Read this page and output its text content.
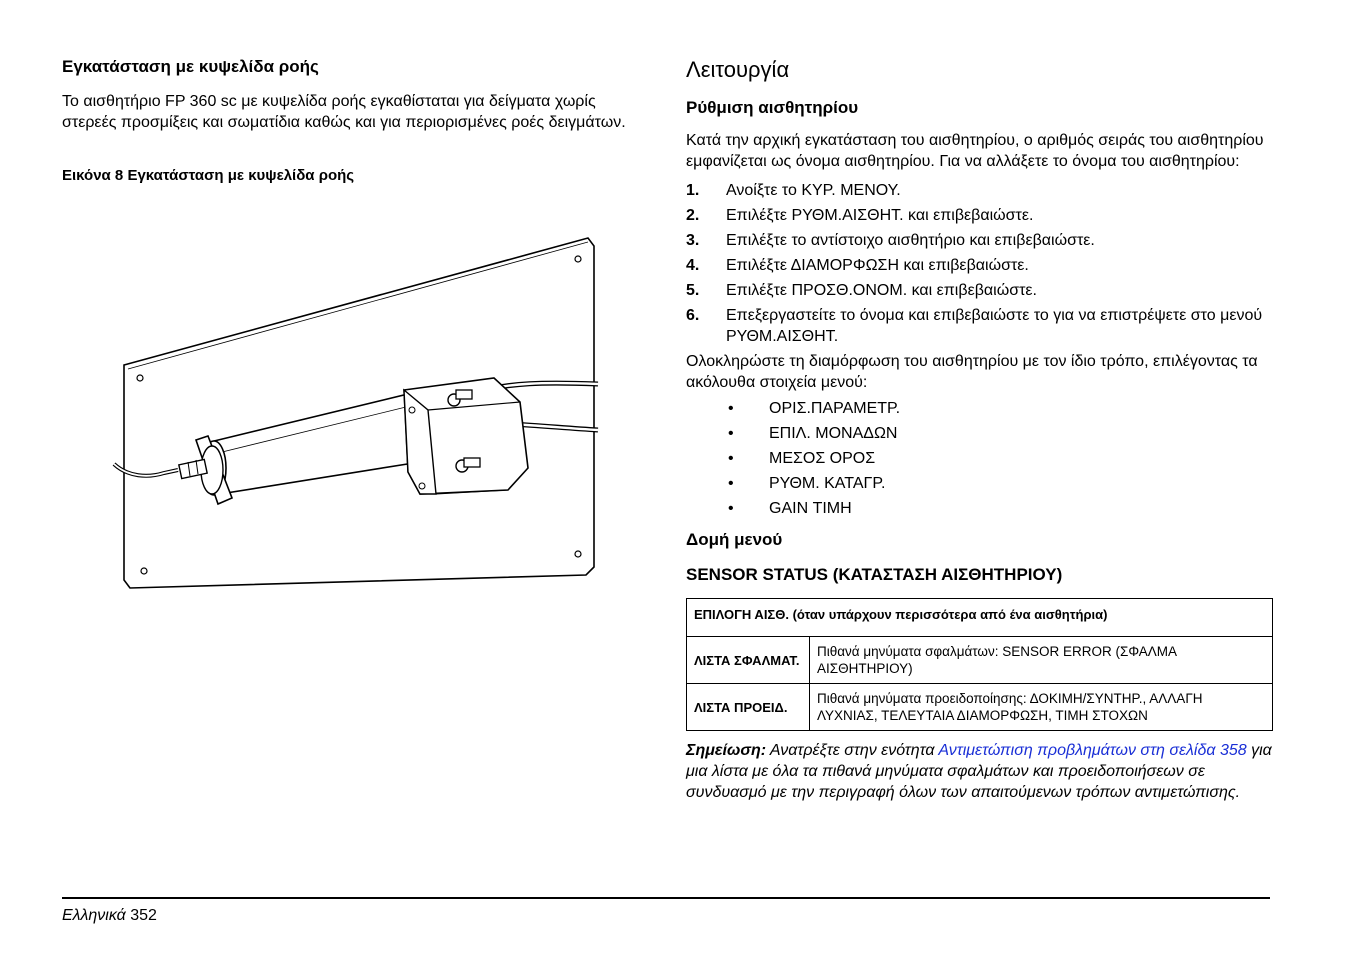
Εγκατάσταση με κυψελίδα ροής

Το αισθητήριο FP 360 sc με κυψελίδα ροής εγκαθίσταται για δείγματα χωρίς στερεές προσμίξεις και σωματίδια καθώς και για περιορισμένες ροές δειγμάτων.

Εικόνα 8 Εγκατάσταση με κυψελίδα ροής

Λειτουργία
Ρύθμιση αισθητηρίου

Κατά την αρχική εγκατάσταση του αισθητηρίου, ο αριθμός σειράς του αισθητηρίου εμφανίζεται ως όνομα αισθητηρίου. Για να αλλάξετε το όνομα του αισθητηρίου:

1.	Ανοίξτε το ΚΥΡ. ΜΕΝΟΥ.
2.	Επιλέξτε ΡΥΘΜ.ΑΙΣΘΗΤ. και επιβεβαιώστε.
3.	Επιλέξτε το αντίστοιχο αισθητήριο και επιβεβαιώστε.
4.	Επιλέξτε ΔΙΑΜΟΡΦΩΣΗ και επιβεβαιώστε.
5.	Επιλέξτε ΠΡΟΣΘ.ΟΝΟΜ. και επιβεβαιώστε.
6.	Επεξεργαστείτε το όνομα και επιβεβαιώστε το για να επιστρέψετε στο μενού ΡΥΘΜ.ΑΙΣΘΗΤ.

Ολοκληρώστε τη διαμόρφωση του αισθητηρίου με τον ίδιο τρόπο, επιλέγοντας τα ακόλουθα στοιχεία μενού:

•	ΟΡΙΣ.ΠΑΡΑΜΕΤΡ.
•	ΕΠΙΛ. ΜΟΝΑΔΩΝ
•	ΜΕΣΟΣ ΟΡΟΣ
•	ΡΥΘΜ. ΚΑΤΑΓΡ.
•	GAIN ΤΙΜΗ
Δομή μενού
SENSOR STATUS (ΚΑΤΑΣΤΑΣΗ ΑΙΣΘΗΤΗΡΙΟΥ)
ΕΠΙΛΟΓΗ ΑΙΣΘ. (όταν υπάρχουν περισσότερα από ένα αισθητήρια)	
ΛΙΣΤΑ ΣΦΑΛΜΑΤ.	Πιθανά μηνύματα σφαλμάτων: SENSOR ERROR (ΣΦΑΛΜΑ ΑΙΣΘΗΤΗΡΙΟΥ)
ΛΙΣΤΑ ΠΡΟΕΙΔ.	Πιθανά μηνύματα προειδοποίησης: ΔΟΚΙΜΗ/ΣΥΝΤΗΡ., ΑΛΛΑΓΗ ΛΥΧΝΙΑΣ, ΤΕΛΕΥΤΑΙΑ ΔΙΑΜΟΡΦΩΣΗ, ΤΙΜΗ ΣΤΟΧΩΝ

Σημείωση: Ανατρέξτε στην ενότητα Αντιμετώπιση προβλημάτων στη σελίδα 358 για μια λίστα με όλα τα πιθανά μηνύματα σφαλμάτων και προειδοποιήσεων σε συνδυασμό με την περιγραφή όλων των απαιτούμενων τρόπων αντιμετώπισης.

Ελληνικά 352
